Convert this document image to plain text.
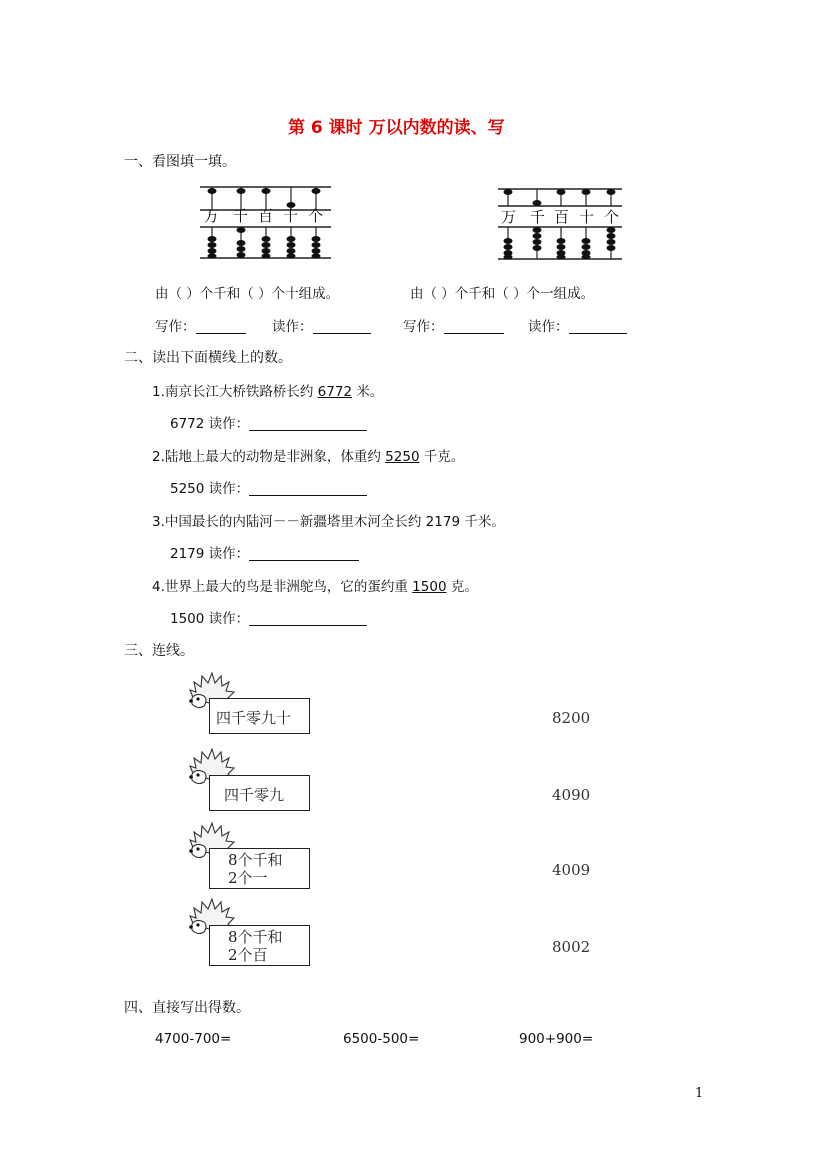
第 6 课时 万以内数的读、写
一、看图填一填。
万 千 百 十 个	万 千 百 十 个
由（ ）个千和（ ）个十组成。	由（ ）个千和（ ）个一组成。
写作：	读作：	写作：	读作：
二、读出下面横线上的数。
1.南京长江大桥铁路桥长约 6772 米。
6772 读作：
2.陆地上最大的动物是非洲象，体重约 5250 千克。
5250 读作：
3.中国最长的内陆河－－新疆塔里木河全长约 2179 千米。
2179 读作：
4.世界上最大的鸟是非洲鸵鸟，它的蛋约重 1500 克。
1500 读作：
三、连线。
四千零九十
四千零九
8个千和
2个一
8个千和
2个百
8200
4090
4009
8002
四、直接写出得数。
4700-700=	6500-500=	900+900=
1
